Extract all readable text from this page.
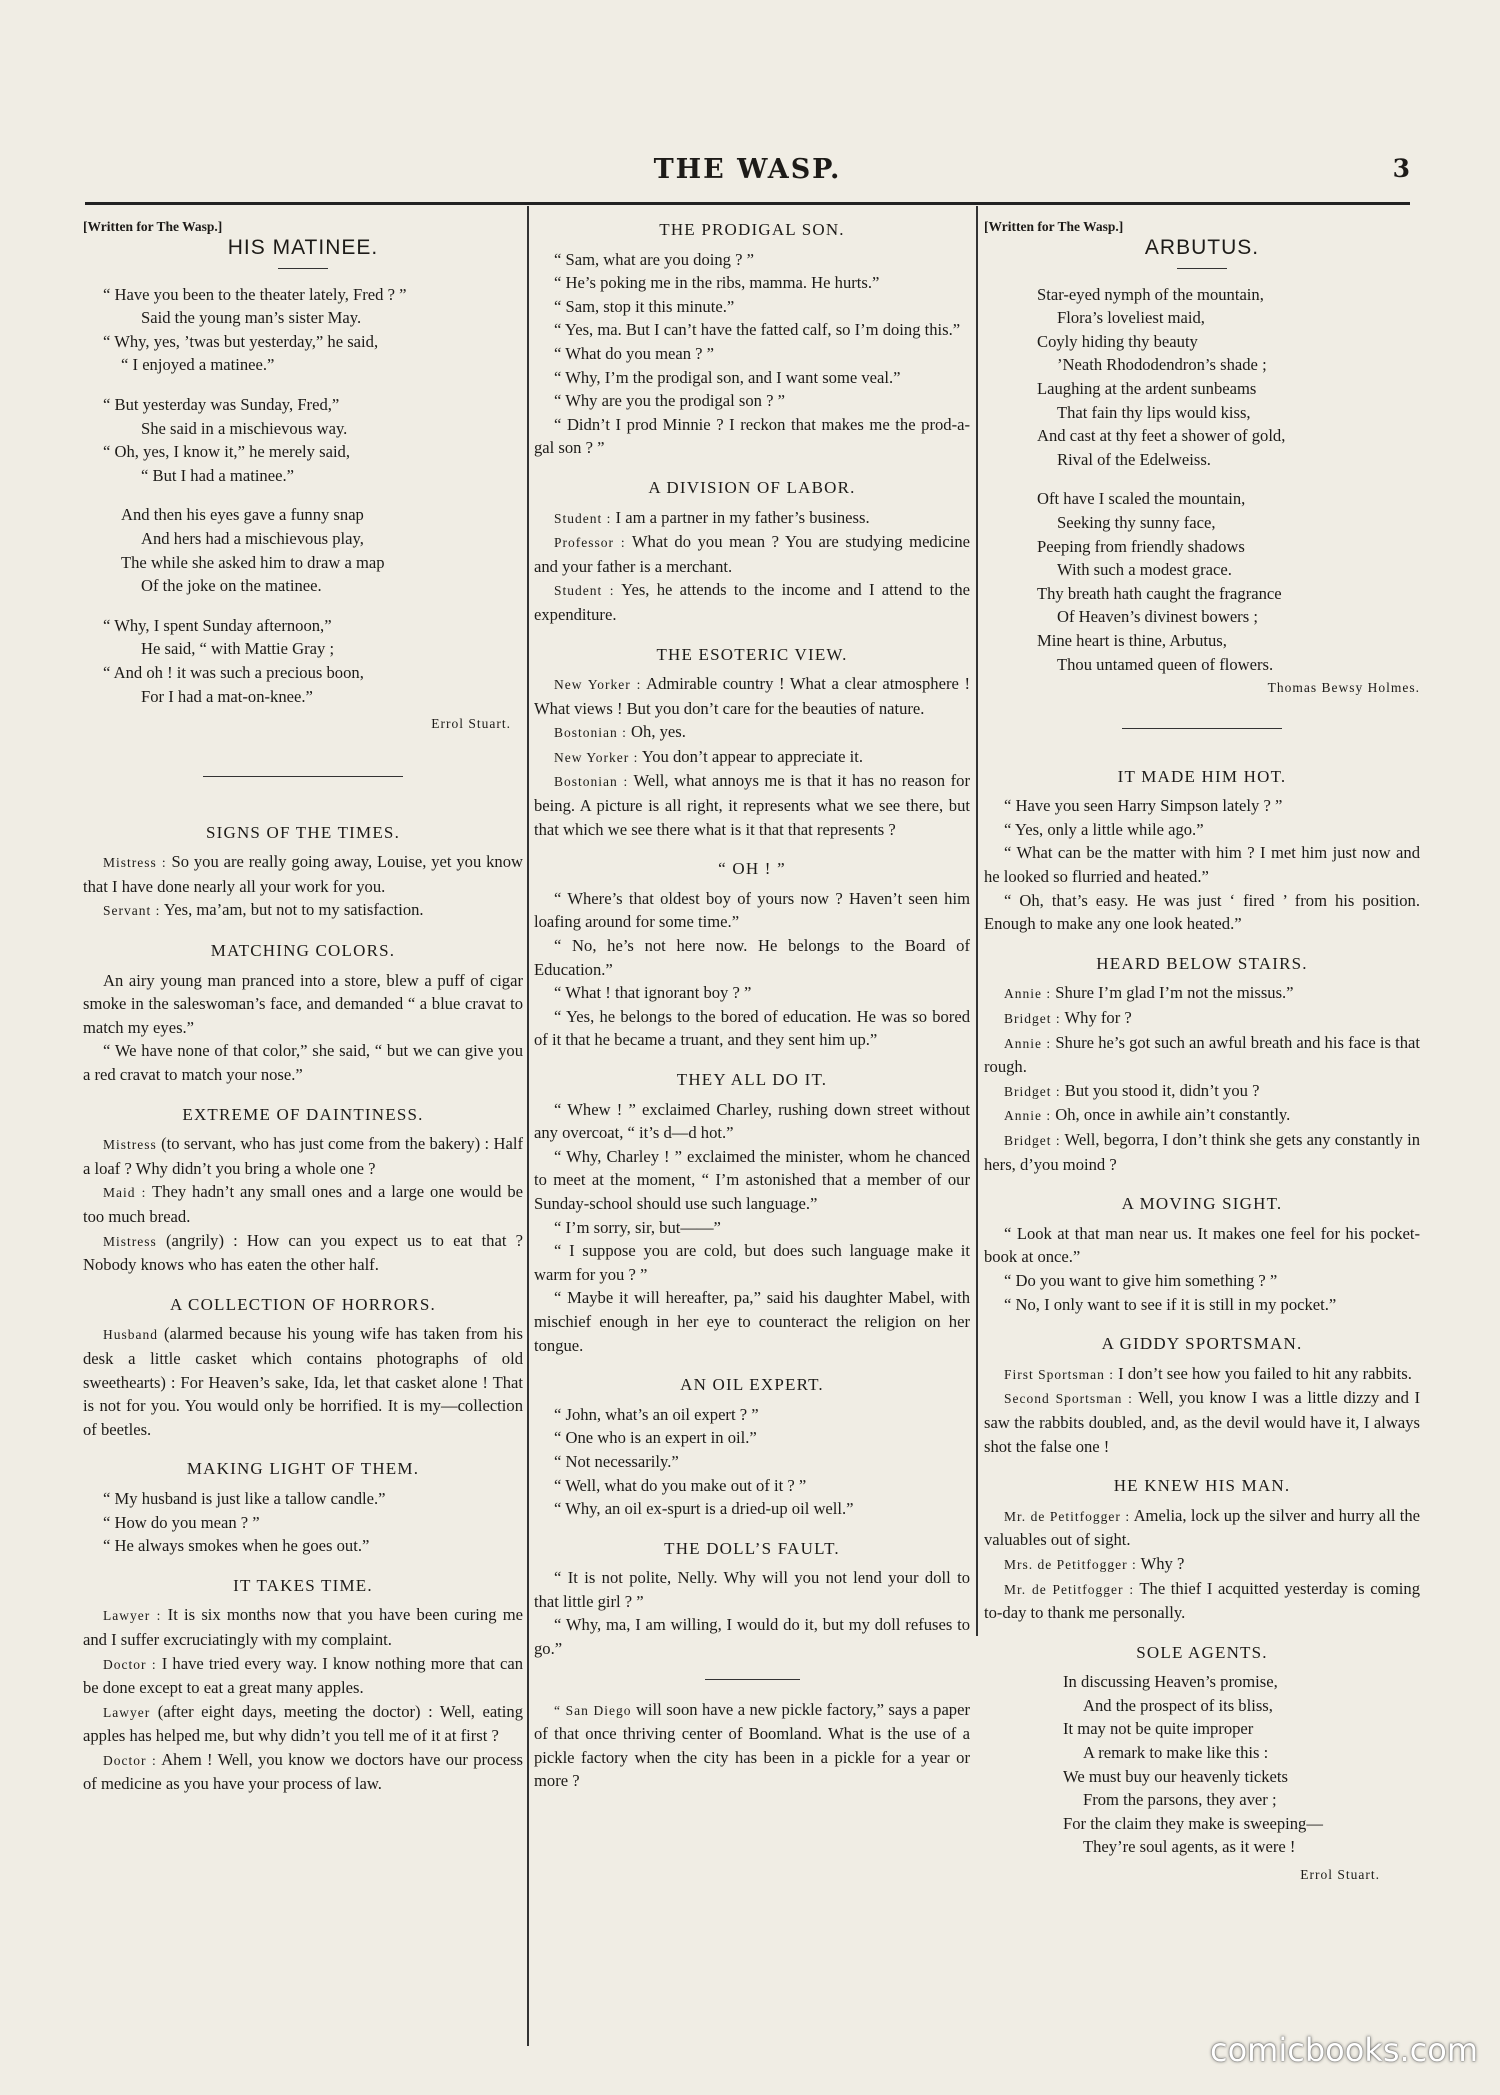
THE WASP.	3

[Written for The Wasp.]

HIS MATINEE.
“ Have you been to the theater lately, Fred ? ”
Said the young man’s sister May.
“ Why, yes, ’twas but yesterday,” he said,
“ I enjoyed a matinee.”
“ But yesterday was Sunday, Fred,”
She said in a mischievous way.
“ Oh, yes, I know it,” he merely said,
“ But I had a matinee.”
And then his eyes gave a funny snap
And hers had a mischievous play,
The while she asked him to draw a map
Of the joke on the matinee.
“ Why, I spent Sunday afternoon,”
He said, “ with Mattie Gray ;
“ And oh ! it was such a precious boon,
For I had a mat-on-knee.”
Errol Stuart.
SIGNS OF THE TIMES.

Mistress : So you are really going away, Louise, yet you know that I have done nearly all your work for you.

Servant : Yes, ma’am, but not to my satisfaction.

MATCHING COLORS.

An airy young man pranced into a store, blew a puff of cigar smoke in the saleswoman’s face, and demanded “ a blue cravat to match my eyes.”

“ We have none of that color,” she said, “ but we can give you a red cravat to match your nose.”

EXTREME OF DAINTINESS.

Mistress (to servant, who has just come from the bakery) : Half a loaf ? Why didn’t you bring a whole one ?

Maid : They hadn’t any small ones and a large one would be too much bread.

Mistress (angrily) : How can you expect us to eat that ? Nobody knows who has eaten the other half.

A COLLECTION OF HORRORS.

Husband (alarmed because his young wife has taken from his desk a little casket which contains photographs of old sweethearts) : For Heaven’s sake, Ida, let that casket alone ! That is not for you. You would only be horrified. It is my—collection of beetles.

MAKING LIGHT OF THEM.

“ My husband is just like a tallow candle.”

“ How do you mean ? ”

“ He always smokes when he goes out.”

IT TAKES TIME.

Lawyer : It is six months now that you have been curing me and I suffer excruciatingly with my complaint.

Doctor : I have tried every way. I know nothing more that can be done except to eat a great many apples.

Lawyer (after eight days, meeting the doctor) : Well, eating apples has helped me, but why didn’t you tell me of it at first ?

Doctor : Ahem ! Well, you know we doctors have our process of medicine as you have your process of law.

THE PRODIGAL SON.

“ Sam, what are you doing ? ”

“ He’s poking me in the ribs, mamma. He hurts.”

“ Sam, stop it this minute.”

“ Yes, ma. But I can’t have the fatted calf, so I’m doing this.”

“ What do you mean ? ”

“ Why, I’m the prodigal son, and I want some veal.”

“ Why are you the prodigal son ? ”

“ Didn’t I prod Minnie ? I reckon that makes me the prod-a-gal son ? ”

A DIVISION OF LABOR.

Student : I am a partner in my father’s business.

Professor : What do you mean ? You are studying medicine and your father is a merchant.

Student : Yes, he attends to the income and I attend to the expenditure.

THE ESOTERIC VIEW.

New Yorker : Admirable country ! What a clear atmosphere ! What views ! But you don’t care for the beauties of nature.

Bostonian : Oh, yes.

New Yorker : You don’t appear to appreciate it.

Bostonian : Well, what annoys me is that it has no reason for being. A picture is all right, it represents what we see there, but that which we see there what is it that that represents ?

“ OH ! ”

“ Where’s that oldest boy of yours now ? Haven’t seen him loafing around for some time.”

“ No, he’s not here now. He belongs to the Board of Education.”

“ What ! that ignorant boy ? ”

“ Yes, he belongs to the bored of education. He was so bored of it that he became a truant, and they sent him up.”

THEY ALL DO IT.

“ Whew ! ” exclaimed Charley, rushing down street without any overcoat, “ it’s d—d hot.”

“ Why, Charley ! ” exclaimed the minister, whom he chanced to meet at the moment, “ I’m astonished that a member of our Sunday-school should use such language.”

“ I’m sorry, sir, but——”

“ I suppose you are cold, but does such language make it warm for you ? ”

“ Maybe it will hereafter, pa,” said his daughter Mabel, with mischief enough in her eye to counteract the religion on her tongue.

AN OIL EXPERT.

“ John, what’s an oil expert ? ”

“ One who is an expert in oil.”

“ Not necessarily.”

“ Well, what do you make out of it ? ”

“ Why, an oil ex-spurt is a dried-up oil well.”

THE DOLL’S FAULT.

“ It is not polite, Nelly. Why will you not lend your doll to that little girl ? ”

“ Why, ma, I am willing, I would do it, but my doll refuses to go.”

“ San Diego will soon have a new pickle factory,” says a paper of that once thriving center of Boomland. What is the use of a pickle factory when the city has been in a pickle for a year or more ?

[Written for The Wasp.]

ARBUTUS.
Star-eyed nymph of the mountain,
Flora’s loveliest maid,
Coyly hiding thy beauty
’Neath Rhododendron’s shade ;
Laughing at the ardent sunbeams
That fain thy lips would kiss,
And cast at thy feet a shower of gold,
Rival of the Edelweiss.
Oft have I scaled the mountain,
Seeking thy sunny face,
Peeping from friendly shadows
With such a modest grace.
Thy breath hath caught the fragrance
Of Heaven’s divinest bowers ;
Mine heart is thine, Arbutus,
Thou untamed queen of flowers.
Thomas Bewsy Holmes.
IT MADE HIM HOT.

“ Have you seen Harry Simpson lately ? ”

“ Yes, only a little while ago.”

“ What can be the matter with him ? I met him just now and he looked so flurried and heated.”

“ Oh, that’s easy. He was just ‘ fired ’ from his position. Enough to make any one look heated.”

HEARD BELOW STAIRS.

Annie : Shure I’m glad I’m not the missus.”

Bridget : Why for ?

Annie : Shure he’s got such an awful breath and his face is that rough.

Bridget : But you stood it, didn’t you ?

Annie : Oh, once in awhile ain’t constantly.

Bridget : Well, begorra, I don’t think she gets any constantly in hers, d’you moind ?

A MOVING SIGHT.

“ Look at that man near us. It makes one feel for his pocket-book at once.”

“ Do you want to give him something ? ”

“ No, I only want to see if it is still in my pocket.”

A GIDDY SPORTSMAN.

First Sportsman : I don’t see how you failed to hit any rabbits.

Second Sportsman : Well, you know I was a little dizzy and I saw the rabbits doubled, and, as the devil would have it, I always shot the false one !

HE KNEW HIS MAN.

Mr. de Petitfogger : Amelia, lock up the silver and hurry all the valuables out of sight.

Mrs. de Petitfogger : Why ?

Mr. de Petitfogger : The thief I acquitted yesterday is coming to-day to thank me personally.

SOLE AGENTS.
In discussing Heaven’s promise,
And the prospect of its bliss,
It may not be quite improper
A remark to make like this :
We must buy our heavenly tickets
From the parsons, they aver ;
For the claim they make is sweeping—
They’re soul agents, as it were !
Errol Stuart.
comicbooks.com
